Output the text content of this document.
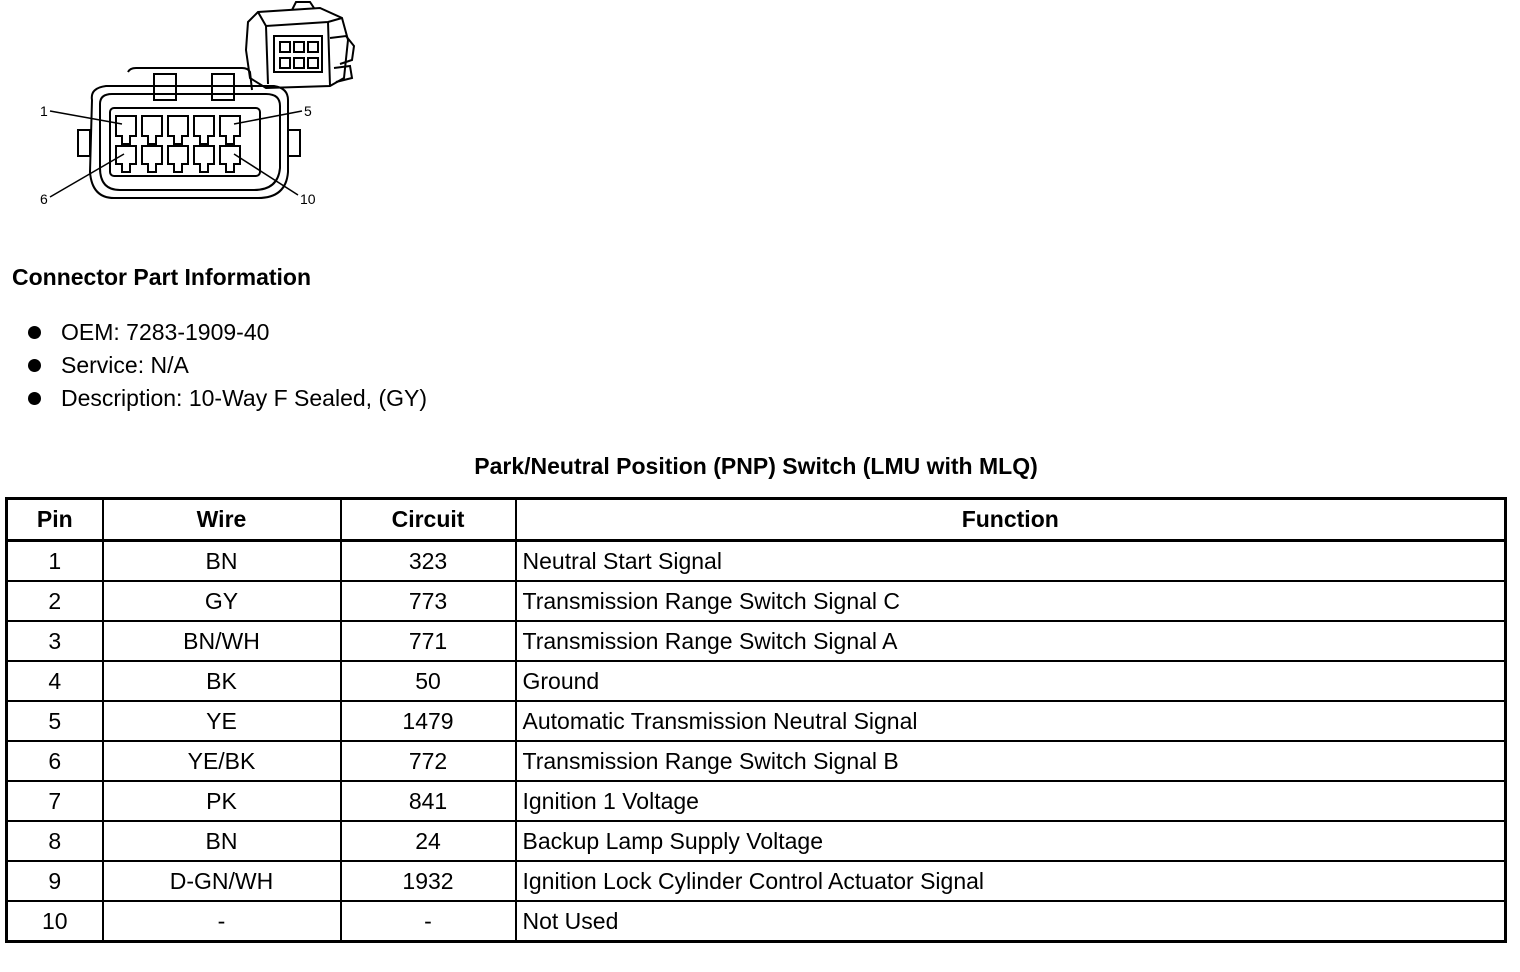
1	5
6	10
Connector Part Information
OEM: 7283-1909-40
Service: N/A
Description: 10-Way F Sealed, (GY)
Park/Neutral Position (PNP) Switch (LMU with MLQ)
Pin	Wire	Circuit	Function
1	BN	323	Neutral Start Signal
2	GY	773	Transmission Range Switch Signal C
3	BN/WH	771	Transmission Range Switch Signal A
4	BK	50	Ground
5	YE	1479	Automatic Transmission Neutral Signal
6	YE/BK	772	Transmission Range Switch Signal B
7	PK	841	Ignition 1 Voltage
8	BN	24	Backup Lamp Supply Voltage
9	D-GN/WH	1932	Ignition Lock Cylinder Control Actuator Signal
10	-	-	Not Used
